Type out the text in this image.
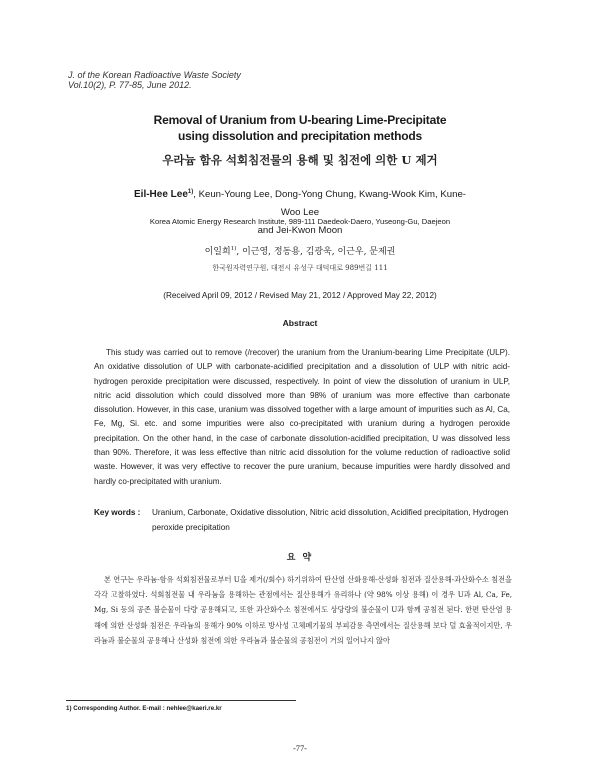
J. of the Korean Radioactive Waste Society
Vol.10(2), P. 77-85, June 2012.
Removal of Uranium from U-bearing Lime-Precipitate
using dissolution and precipitation methods
우라늄 함유 석회침전물의 용해 및 침전에 의한 U 제거
Eil-Hee Lee$^{1)}$, Keun-Young Lee, Dong-Yong Chung, Kwang-Wook Kim, Kune-Woo Lee
and Jei-Kwon Moon
Korea Atomic Energy Research Institute, 989-111 Daedeok-Daero, Yuseong-Gu, Daejeon
이일희$^{1)}$, 이근영, 정동용, 김광욱, 이근우, 문제권
한국원자력연구원, 대전시 유성구 대덕대로 989번길 111
(Received April 09, 2012 / Revised May 21, 2012 / Approved May 22, 2012)
Abstract
This study was carried out to remove (/recover) the uranium from the Uranium-bearing Lime Precipitate (ULP). An oxidative dissolution of ULP with carbonate-acidified precipitation and a dissolution of ULP with nitric acid-hydrogen peroxide precipitation were discussed, respectively. In point of view the dissolution of uranium in ULP, nitric acid dissolution which could dissolved more than 98% of uranium was more effective than carbonate dissolution. However, in this case, uranium was dissolved together with a large amount of impurities such as Al, Ca, Fe, Mg, Si. etc. and some impurities were also co-precipitated with uranium during a hydrogen peroxide precipitation. On the other hand, in the case of carbonate dissolution-acidified precipitation, U was dissolved less than 90%. Therefore, it was less effective than nitric acid dissolution for the volume reduction of radioactive solid waste. However, it was very effective to recover the pure uranium, because impurities were hardly dissolved and hardly co-precipitated with uranium.
Key words :	Uranium, Carbonate, Oxidative dissolution, Nitric acid dissolution, Acidified precipitation, Hydrogen peroxide precipitation
요 약
본 연구는 우라늄-함유 석회침전물로부터 U을 제거(/회수) 하기위하여 탄산염 산화용해-산성화 침전과 질산용해-과산화수소 침전을 각각 고찰하였다. 석회침전물 내 우라늄을 용해하는 관점에서는 질산용해가 유리하나 (약 98% 이상 용해) 이 경우 U과 Al, Ca, Fe, Mg, Si 등의 공존 불순물이 다량 공용해되고, 또한 과산화수소 침전에서도 상당량의 불순물이 U과 함께 공침전 된다. 한편 탄산염 용해에 의한 산성화 침전은 우라늄의 용해가 90% 이하로 방사성 고체폐기물의 부피감용 측면에서는 질산용해 보다 덜 효율적이지만, 우라늄과 불순물의 공용해나 산성화 침전에 의한 우라늄과 불순물의 공침전이 거의 일어나지 않아
1) Corresponding Author. E-mail : nehlee@kaeri.re.kr
-77-
